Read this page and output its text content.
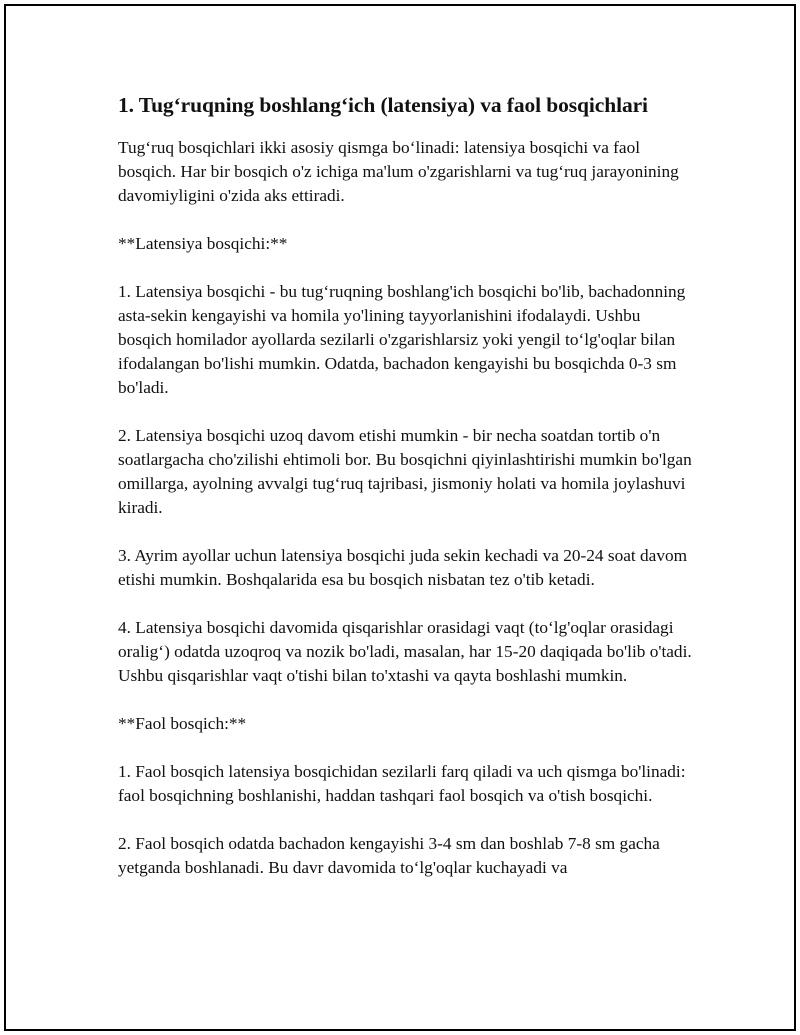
1. Tug‘ruqning boshlang‘ich (latensiya) va faol bosqichlari

Tug‘ruq bosqichlari ikki asosiy qismga bo‘linadi: latensiya bosqichi va faol bosqich. Har bir bosqich o'z ichiga ma'lum o'zgarishlarni va tug‘ruq jarayonining davomiyligini o'zida aks ettiradi.

**Latensiya bosqichi:**

1. Latensiya bosqichi - bu tug‘ruqning boshlang'ich bosqichi bo'lib, bachadonning asta-sekin kengayishi va homila yo'lining tayyorlanishini ifodalaydi. Ushbu bosqich homilador ayollarda sezilarli o'zgarishlarsiz yoki yengil to‘lg'oqlar bilan ifodalangan bo'lishi mumkin. Odatda, bachadon kengayishi bu bosqichda 0-3 sm bo'ladi.

2. Latensiya bosqichi uzoq davom etishi mumkin - bir necha soatdan tortib o'n soatlargacha cho'zilishi ehtimoli bor. Bu bosqichni qiyinlashtirishi mumkin bo'lgan omillarga, ayolning avvalgi tug‘ruq tajribasi, jismoniy holati va homila joylashuvi kiradi.

3. Ayrim ayollar uchun latensiya bosqichi juda sekin kechadi va 20-24 soat davom etishi mumkin. Boshqalarida esa bu bosqich nisbatan tez o'tib ketadi.

4. Latensiya bosqichi davomida qisqarishlar orasidagi vaqt (to‘lg'oqlar orasidagi oralig‘) odatda uzoqroq va nozik bo'ladi, masalan, har 15-20 daqiqada bo'lib o'tadi. Ushbu qisqarishlar vaqt o'tishi bilan to'xtashi va qayta boshlashi mumkin.

**Faol bosqich:**

1. Faol bosqich latensiya bosqichidan sezilarli farq qiladi va uch qismga bo'linadi: faol bosqichning boshlanishi, haddan tashqari faol bosqich va o'tish bosqichi.

2. Faol bosqich odatda bachadon kengayishi 3-4 sm dan boshlab 7-8 sm gacha yetganda boshlanadi. Bu davr davomida to‘lg'oqlar kuchayadi va
